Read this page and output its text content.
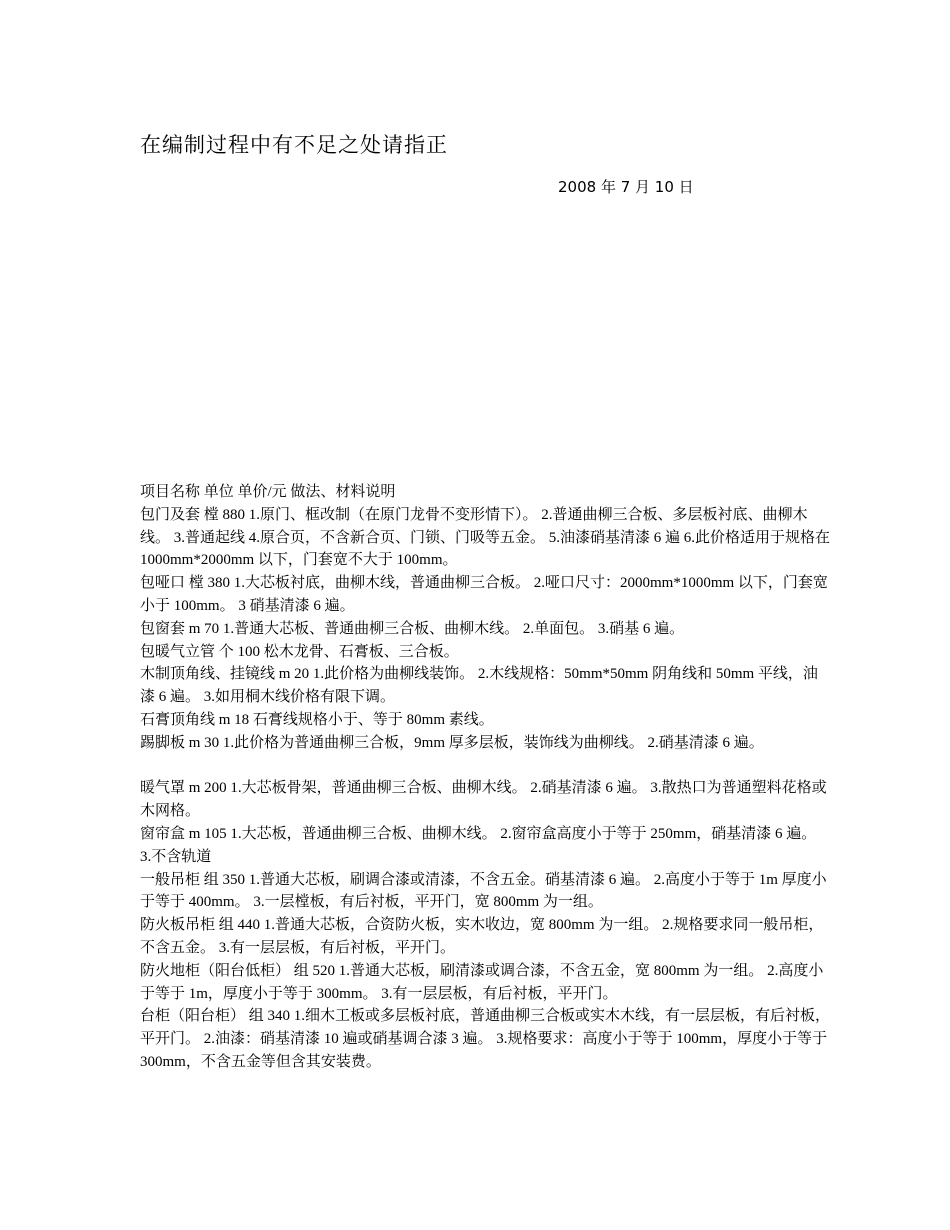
在编制过程中有不足之处请指正
2008 年 7 月 10 日

项目名称 单位 单价/元 做法、材料说明

包门及套 樘 880 1.原门、框改制（在原门龙骨不变形情下）。 2.普通曲柳三合板、多层板衬底、曲柳木线。 3.普通起线 4.原合页，不含新合页、门锁、门吸等五金。 5.油漆硝基清漆 6 遍 6.此价格适用于规格在 1000mm*2000mm 以下，门套宽不大于 100mm。

包哑口 樘 380 1.大芯板衬底，曲柳木线，普通曲柳三合板。 2.哑口尺寸：2000mm*1000mm 以下，门套宽小于 100mm。 3 硝基清漆 6 遍。

包窗套 m 70 1.普通大芯板、普通曲柳三合板、曲柳木线。 2.单面包。 3.硝基 6 遍。

包暖气立管 个 100 松木龙骨、石膏板、三合板。

木制顶角线、挂镜线 m 20 1.此价格为曲柳线装饰。 2.木线规格：50mm*50mm 阴角线和 50mm 平线，油漆 6 遍。 3.如用桐木线价格有限下调。

石膏顶角线 m 18 石膏线规格小于、等于 80mm 素线。

踢脚板 m 30 1.此价格为普通曲柳三合板，9mm 厚多层板，装饰线为曲柳线。 2.硝基清漆 6 遍。

暖气罩 m 200 1.大芯板骨架，普通曲柳三合板、曲柳木线。 2.硝基清漆 6 遍。 3.散热口为普通塑料花格或木网格。

窗帘盒 m 105 1.大芯板，普通曲柳三合板、曲柳木线。 2.窗帘盒高度小于等于 250mm，硝基清漆 6 遍。 3.不含轨道

一般吊柜 组 350 1.普通大芯板，刷调合漆或清漆，不含五金。硝基清漆 6 遍。 2.高度小于等于 1m 厚度小于等于 400mm。 3.一层樘板，有后衬板，平开门，宽 800mm 为一组。

防火板吊柜 组 440 1.普通大芯板，合资防火板，实木收边，宽 800mm 为一组。 2.规格要求同一般吊柜，不含五金。 3.有一层层板，有后衬板，平开门。

防火地柜（阳台低柜） 组 520 1.普通大芯板，刷清漆或调合漆，不含五金，宽 800mm 为一组。 2.高度小于等于 1m，厚度小于等于 300mm。 3.有一层层板，有后衬板，平开门。

台柜（阳台柜） 组 340 1.细木工板或多层板衬底，普通曲柳三合板或实木木线，有一层层板，有后衬板，平开门。 2.油漆：硝基清漆 10 遍或硝基调合漆 3 遍。 3.规格要求：高度小于等于 100mm，厚度小于等于 300mm，不含五金等但含其安装费。
